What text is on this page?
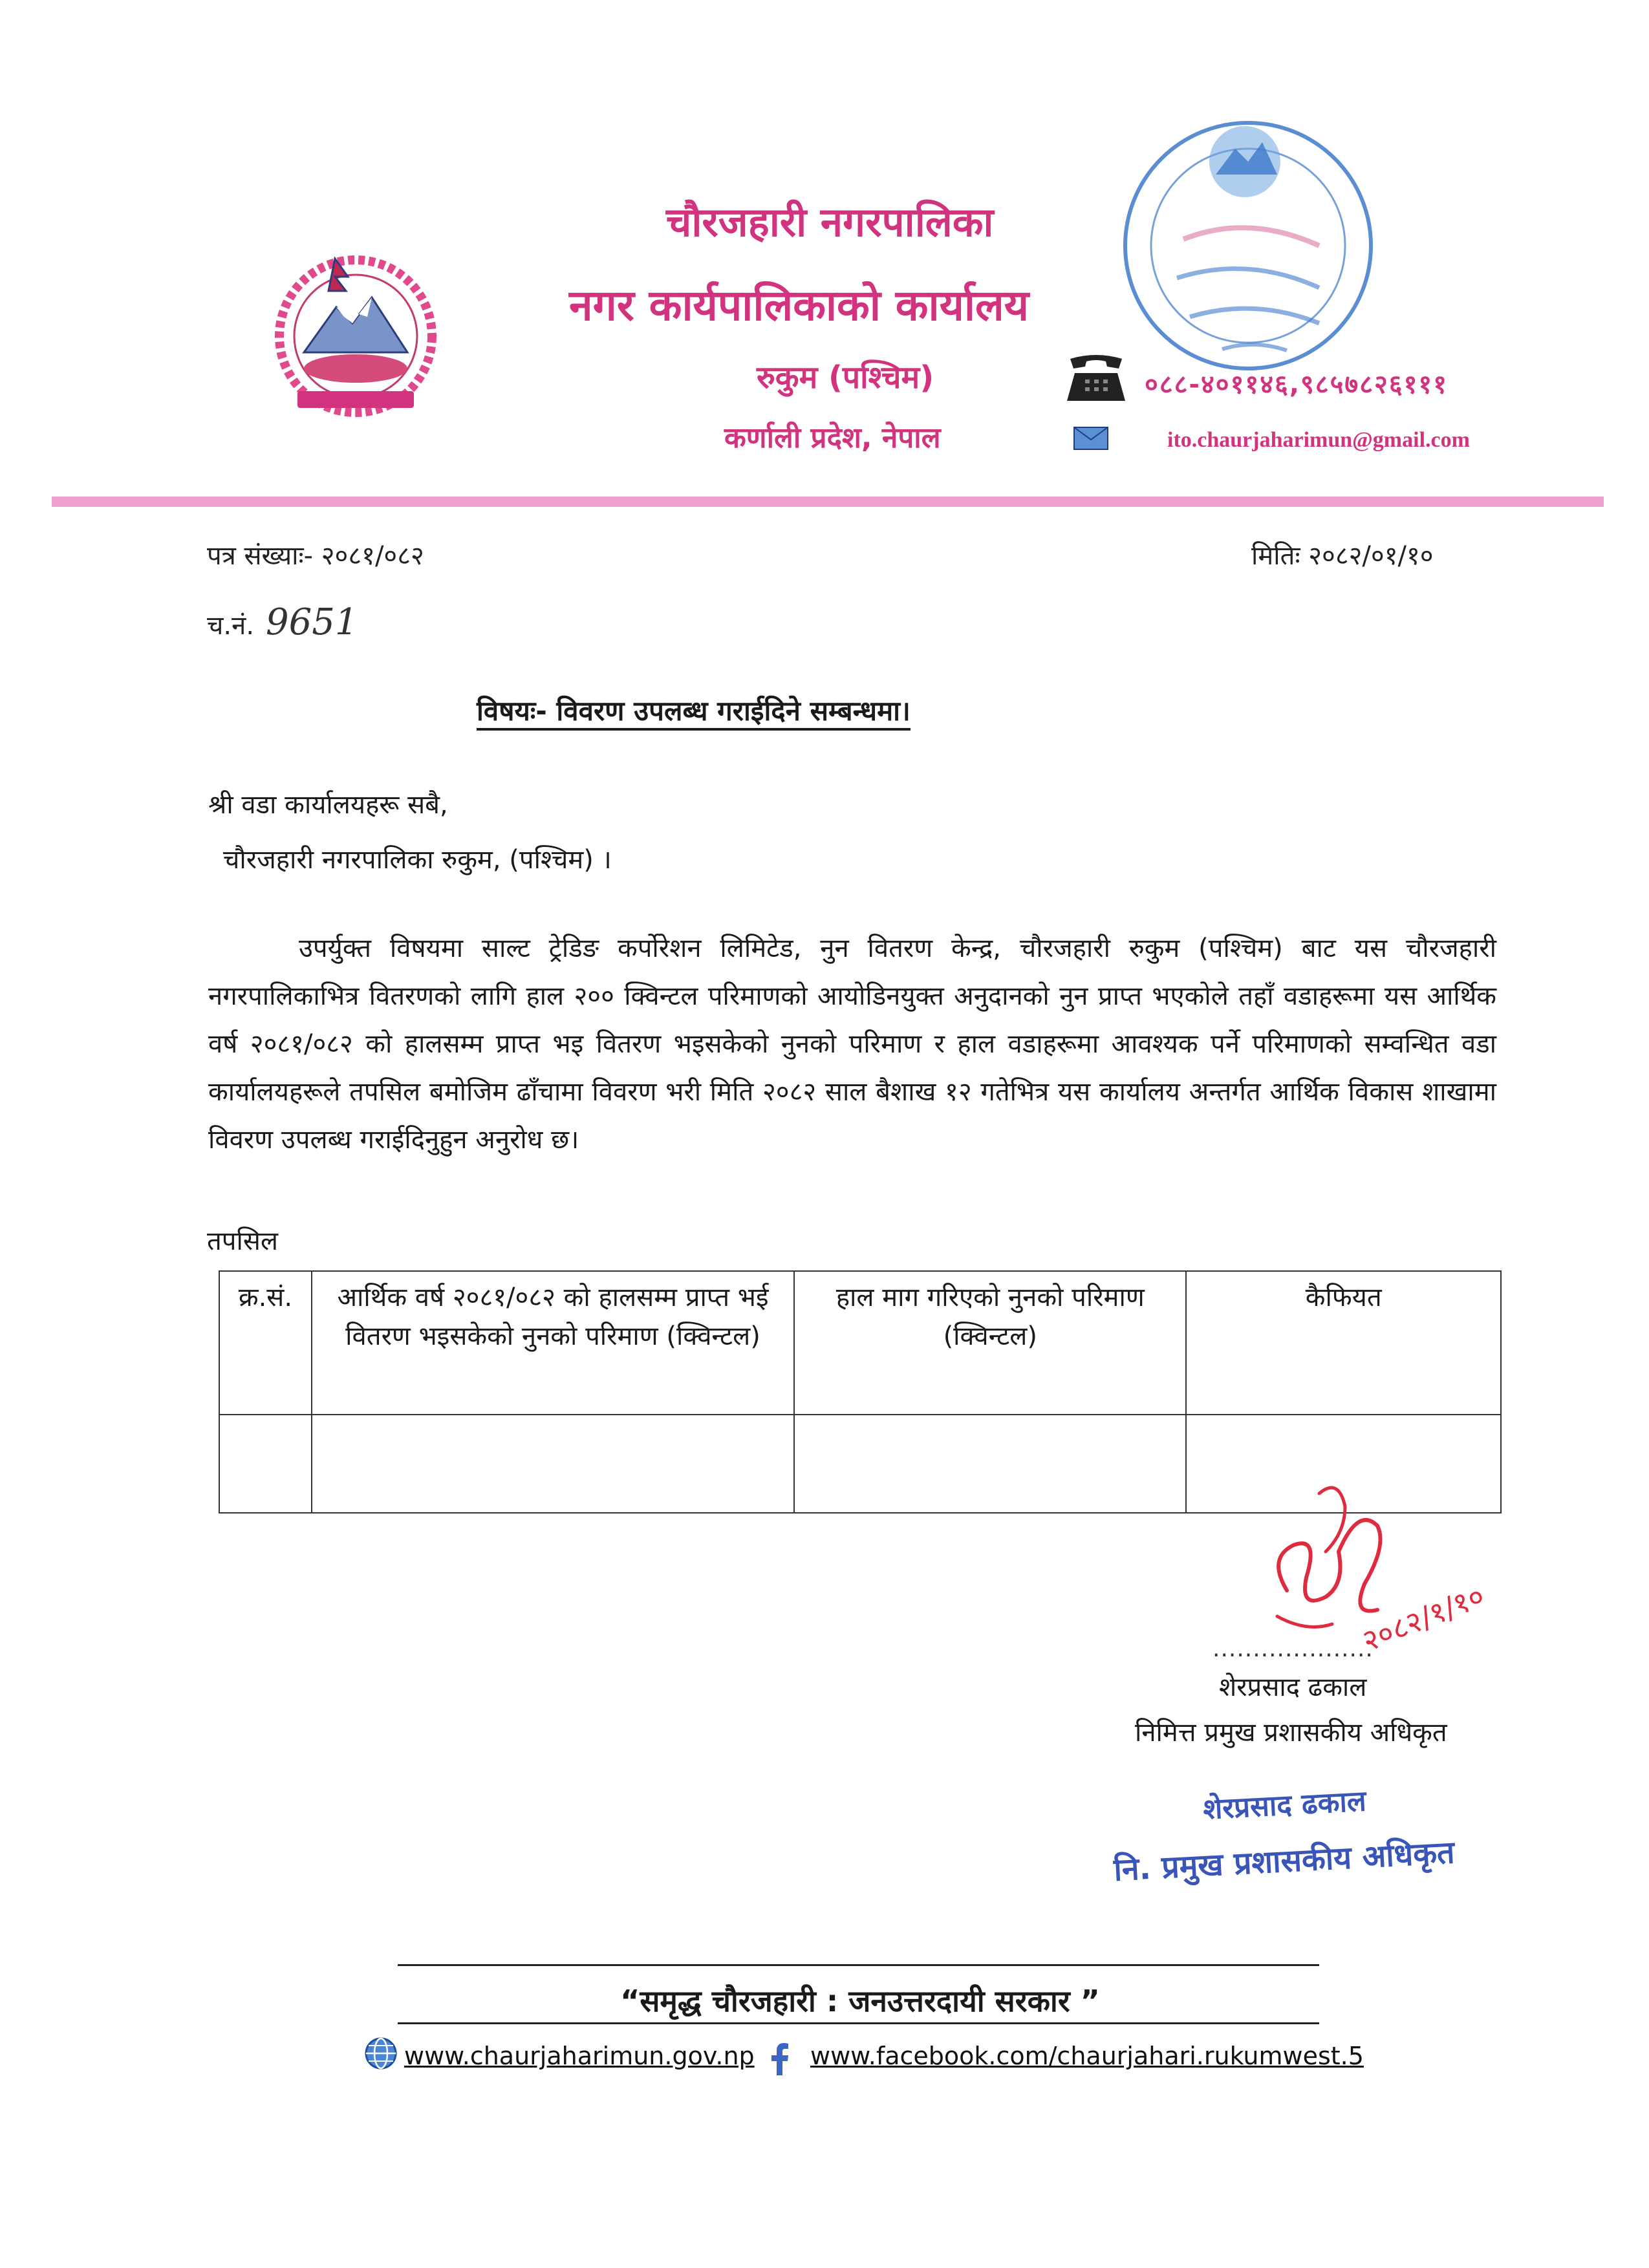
चौरजहारी नगरपालिका
नगर कार्यपालिकाको कार्यालय
रुकुम (पश्चिम)
कर्णाली प्रदेश, नेपाल
०८८-४०११४६,९८५७८२६१११
ito.chaurjaharimun@gmail.com
पत्र संख्याः- २०८१/०८२	मितिः २०८२/०१/१०
च.नं. 9651
विषयः- विवरण उपलब्ध गराईदिने सम्बन्धमा।
श्री वडा कार्यालयहरू सबै,
चौरजहारी नगरपालिका रुकुम, (पश्चिम) ।
उपर्युक्त विषयमा साल्ट ट्रेडिङ कर्पोरेशन लिमिटेड, नुन वितरण केन्द्र, चौरजहारी रुकुम (पश्चिम) बाट यस चौरजहारी नगरपालिकाभित्र वितरणको लागि हाल २०० क्विन्टल परिमाणको आयोडिनयुक्त अनुदानको नुन प्राप्त भएकोले तहाँ वडाहरूमा यस आर्थिक वर्ष २०८१/०८२ को हालसम्म प्राप्त भइ वितरण भइसकेको नुनको परिमाण र हाल वडाहरूमा आवश्यक पर्ने परिमाणको सम्वन्धित वडा कार्यालयहरूले तपसिल बमोजिम ढाँचामा विवरण भरी मिति २०८२ साल बैशाख १२ गतेभित्र यस कार्यालय अन्तर्गत आर्थिक विकास शाखामा विवरण उपलब्ध गराईदिनुहुन अनुरोध छ।
तपसिल
क्र.सं.	आर्थिक वर्ष २०८१/०८२ को हालसम्म प्राप्त भई वितरण भइसकेको नुनको परिमाण (क्विन्टल)	हाल माग गरिएको नुनको परिमाण (क्विन्टल)	कैफियत

२०८२/१/१०
....................
शेरप्रसाद ढकाल
निमित्त प्रमुख प्रशासकीय अधिकृत
शेरप्रसाद ढकाल
नि. प्रमुख प्रशासकीय अधिकृत
“समृद्ध चौरजहारी : जनउत्तरदायी सरकार ”
www.chaurjaharimun.gov.np www.facebook.com/chaurjahari.rukumwest.5
